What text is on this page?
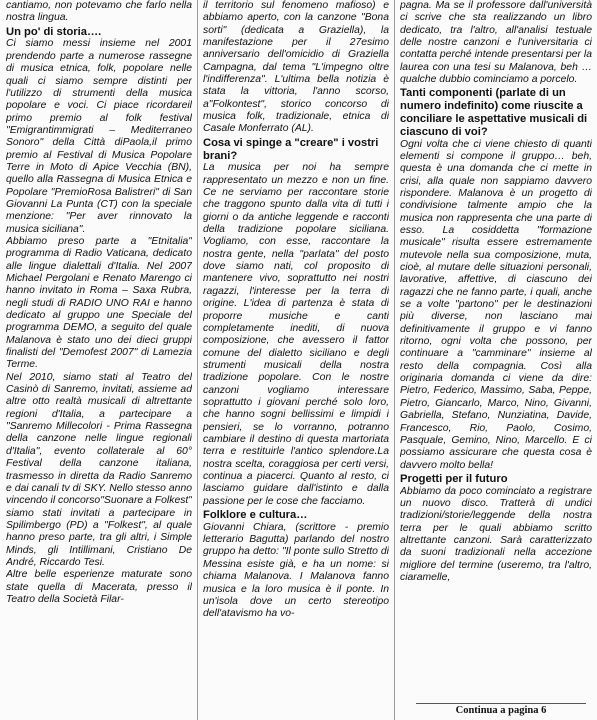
cantiamo, non potevamo che farlo nella nostra lingua.

Un po' di storia….

Ci siamo messi insieme nel 2001 prendendo parte a numerose rassegne di musica etnica, folk, popolare nelle quali ci siamo sempre distinti per l'utilizzo di strumenti della musica popolare e voci. Ci piace ricordareil primo premio al folk festival "Emigrantimmigrati – Mediterraneo Sonoro" della Città diPaola,il primo premio al Festival di Musica Popolare Terre in Moto di Apice Vecchia (BN), quello alla Rassegna di Musica Etnica e Popolare "PremioRosa Balistreri" di San Giovanni La Punta (CT) con la speciale menzione: "Per aver rinnovato la musica siciliana".

Abbiamo preso parte a "Etnitalia" programma di Radio Vaticana, dedicato alle lingue dialettali d'Italia. Nel 2007 Michael Pergolani e Renato Marengo ci hanno invitato in Roma – Saxa Rubra, negli studi di RADIO UNO RAI e hanno dedicato al gruppo une Speciale del programma DEMO, a seguito del quale Malanova è stato uno dei dieci gruppi finalisti del "Demofest 2007" di Lamezia Terme.

Nel 2010, siamo stati al Teatro del Casinò di Sanremo, invitati, assieme ad altre otto realtà musicali di altrettante regioni d'Italia, a partecipare a "Sanremo Millecolori - Prima Rassegna della canzone nelle lingue regionali d'Italia", evento collaterale al 60° Festival della canzone italiana, trasmesso in diretta da Radio Sanremo e dai canali tv di SKY. Nello stesso anno vincendo il concorso"Suonare a Folkest" siamo stati invitati a partecipare in Spilimbergo (PD) a "Folkest", al quale hanno preso parte, tra gli altri, i Simple Minds, gli Intillimani, Cristiano De André, Riccardo Tesi.

Altre belle esperienze maturate sono state quella di Macerata, presso il Teatro della Società Filar-

il territorio sul fenomeno mafioso) e abbiamo aperto, con la canzone "Bona sorti" (dedicata a Graziella), la manifestazione per il 27esimo anniversario dell'omicidio di Graziella Campagna, dal tema "L'impegno oltre l'indifferenza". L'ultima bella notizia è stata la vittoria, l'anno scorso, a"Folkontest", storico concorso di musica folk, tradizionale, etnica di Casale Monferrato (AL).

Cosa vi spinge a "creare" i vostri brani?

La musica per noi ha sempre rappresentato un mezzo e non un fine. Ce ne serviamo per raccontare storie che traggono spunto dalla vita di tutti i giorni o da antiche leggende e racconti della tradizione popolare siciliana. Vogliamo, con esse, raccontare la nostra gente, nella "parlata" del posto dove siamo nati, col proposito di mantenere vivo, soprattutto nei nostri ragazzi, l'interesse per la terra di origine. L'idea di partenza è stata di proporre musiche e canti completamente inediti, di nuova composizione, che avessero il fattor comune del dialetto siciliano e degli strumenti musicali della nostra tradizione popolare. Con le nostre canzoni vogliamo interessare soprattutto i giovani perché solo loro, che hanno sogni bellissimi e limpidi i pensieri, se lo vorranno, potranno cambiare il destino di questa martoriata terra e restituirle l'antico splendore.La nostra scelta, coraggiosa per certi versi, continua a piacerci. Quanto al resto, ci lasciamo guidare dall'istinto e dalla passione per le cose che facciamo.

Folklore e cultura…

Giovanni Chiara, (scrittore - premio letterario Bagutta) parlando del nostro gruppo ha detto: "Il ponte sullo Stretto di Messina esiste già, e ha un nome: si chiama Malanova. I Malanova fanno musica e la loro musica è il ponte. In un'isola dove un certo stereotipo dell'atavismo ha vo-

pagna. Ma se il professore dall'università ci scrive che sta realizzando un libro dedicato, tra l'altro, all'analisi testuale delle nostre canzoni e l'universitaria ci contatta perché intende presentarsi per la laurea con una tesi su Malanova, beh … qualche dubbio cominciamo a porcelo.

Tanti componenti (parlate di un numero indefinito) come riuscite a conciliare le aspettative musicali di ciascuno di voi?

Ogni volta che ci viene chiesto di quanti elementi si compone il gruppo… beh, questa è una domanda che ci mette in crisi, alla quale non sappiamo davvero rispondere. Malanova è un progetto di condivisione talmente ampio che la musica non rappresenta che una parte di esso. La cosiddetta "formazione musicale" risulta essere estremamente mutevole nella sua composizione, muta, cioè, al mutare delle situazioni personali, lavorative, affettive, di ciascuno dei ragazzi che ne fanno parte, i quali, anche se a volte "partono" per le destinazioni più diverse, non lasciano mai definitivamente il gruppo e vi fanno ritorno, ogni volta che possono, per continuare a "camminare" insieme al resto della compagnia. Così alla originaria domanda ci viene da dire: Pietro, Federico, Massimo, Saba, Peppe, Pietro, Giancarlo, Marco, Nino, Givanni, Gabriella, Stefano, Nunziatina, Davide, Francesco, Rio, Paolo, Cosimo, Pasquale, Gemino, Nino, Marcello. E ci possiamo assicurare che questa cosa è davvero molto bella!

Progetti per il futuro

Abbiamo da poco cominciato a registrare un nuovo disco. Tratterà di undici tradizioni/storie/leggende della nostra terra per le quali abbiamo scritto altrettante canzoni. Sarà caratterizzato da suoni tradizionali nella accezione migliore del termine (useremo, tra l'altro, ciaramelle,

Continua a pagina 6
